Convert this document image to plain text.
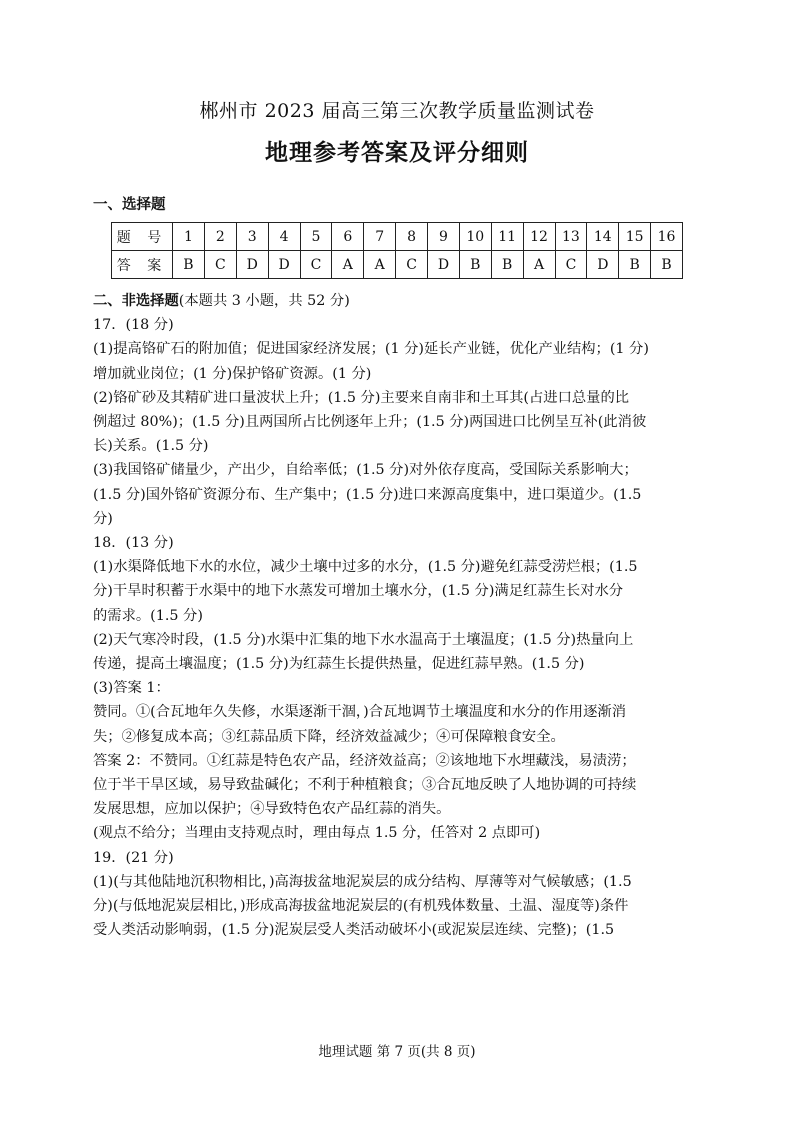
郴州市 2023 届高三第三次教学质量监测试卷
地理参考答案及评分细则
一、选择题
题 号	1	2	3	4	5	6	7	8	9	10	11	12	13	14	15	16
答 案	B	C	D	D	C	A	A	C	D	B	B	A	C	D	B	B

二、非选择题(本题共 3 小题，共 52 分)

17．(18 分)

(1)提高铬矿石的附加值；促进国家经济发展；(1 分)延长产业链，优化产业结构；(1 分)

增加就业岗位；(1 分)保护铬矿资源。(1 分)

(2)铬矿砂及其精矿进口量波状上升；(1.5 分)主要来自南非和土耳其(占进口总量的比

例超过 80%)；(1.5 分)且两国所占比例逐年上升；(1.5 分)两国进口比例呈互补(此消彼

长)关系。(1.5 分)

(3)我国铬矿储量少，产出少，自给率低；(1.5 分)对外依存度高，受国际关系影响大；

(1.5 分)国外铬矿资源分布、生产集中；(1.5 分)进口来源高度集中，进口渠道少。(1.5

分)

18．(13 分)

(1)水渠降低地下水的水位，减少土壤中过多的水分，(1.5 分)避免红蒜受涝烂根；(1.5

分)干旱时积蓄于水渠中的地下水蒸发可增加土壤水分，(1.5 分)满足红蒜生长对水分

的需求。(1.5 分)

(2)天气寒冷时段，(1.5 分)水渠中汇集的地下水水温高于土壤温度；(1.5 分)热量向上

传递，提高土壤温度；(1.5 分)为红蒜生长提供热量，促进红蒜早熟。(1.5 分)

(3)答案 1：

赞同。①(合瓦地年久失修，水渠逐渐干涸，)合瓦地调节土壤温度和水分的作用逐渐消

失；②修复成本高；③红蒜品质下降，经济效益减少；④可保障粮食安全。

答案 2：不赞同。①红蒜是特色农产品，经济效益高；②该地地下水埋藏浅，易渍涝；

位于半干旱区域，易导致盐碱化；不利于种植粮食；③合瓦地反映了人地协调的可持续

发展思想，应加以保护；④导致特色农产品红蒜的消失。

(观点不给分；当理由支持观点时，理由每点 1.5 分，任答对 2 点即可)

19．(21 分)

(1)(与其他陆地沉积物相比，)高海拔盆地泥炭层的成分结构、厚薄等对气候敏感；(1.5

分)(与低地泥炭层相比，)形成高海拔盆地泥炭层的(有机残体数量、土温、湿度等)条件

受人类活动影响弱，(1.5 分)泥炭层受人类活动破坏小(或泥炭层连续、完整)；(1.5

地理试题 第 7 页(共 8 页)
